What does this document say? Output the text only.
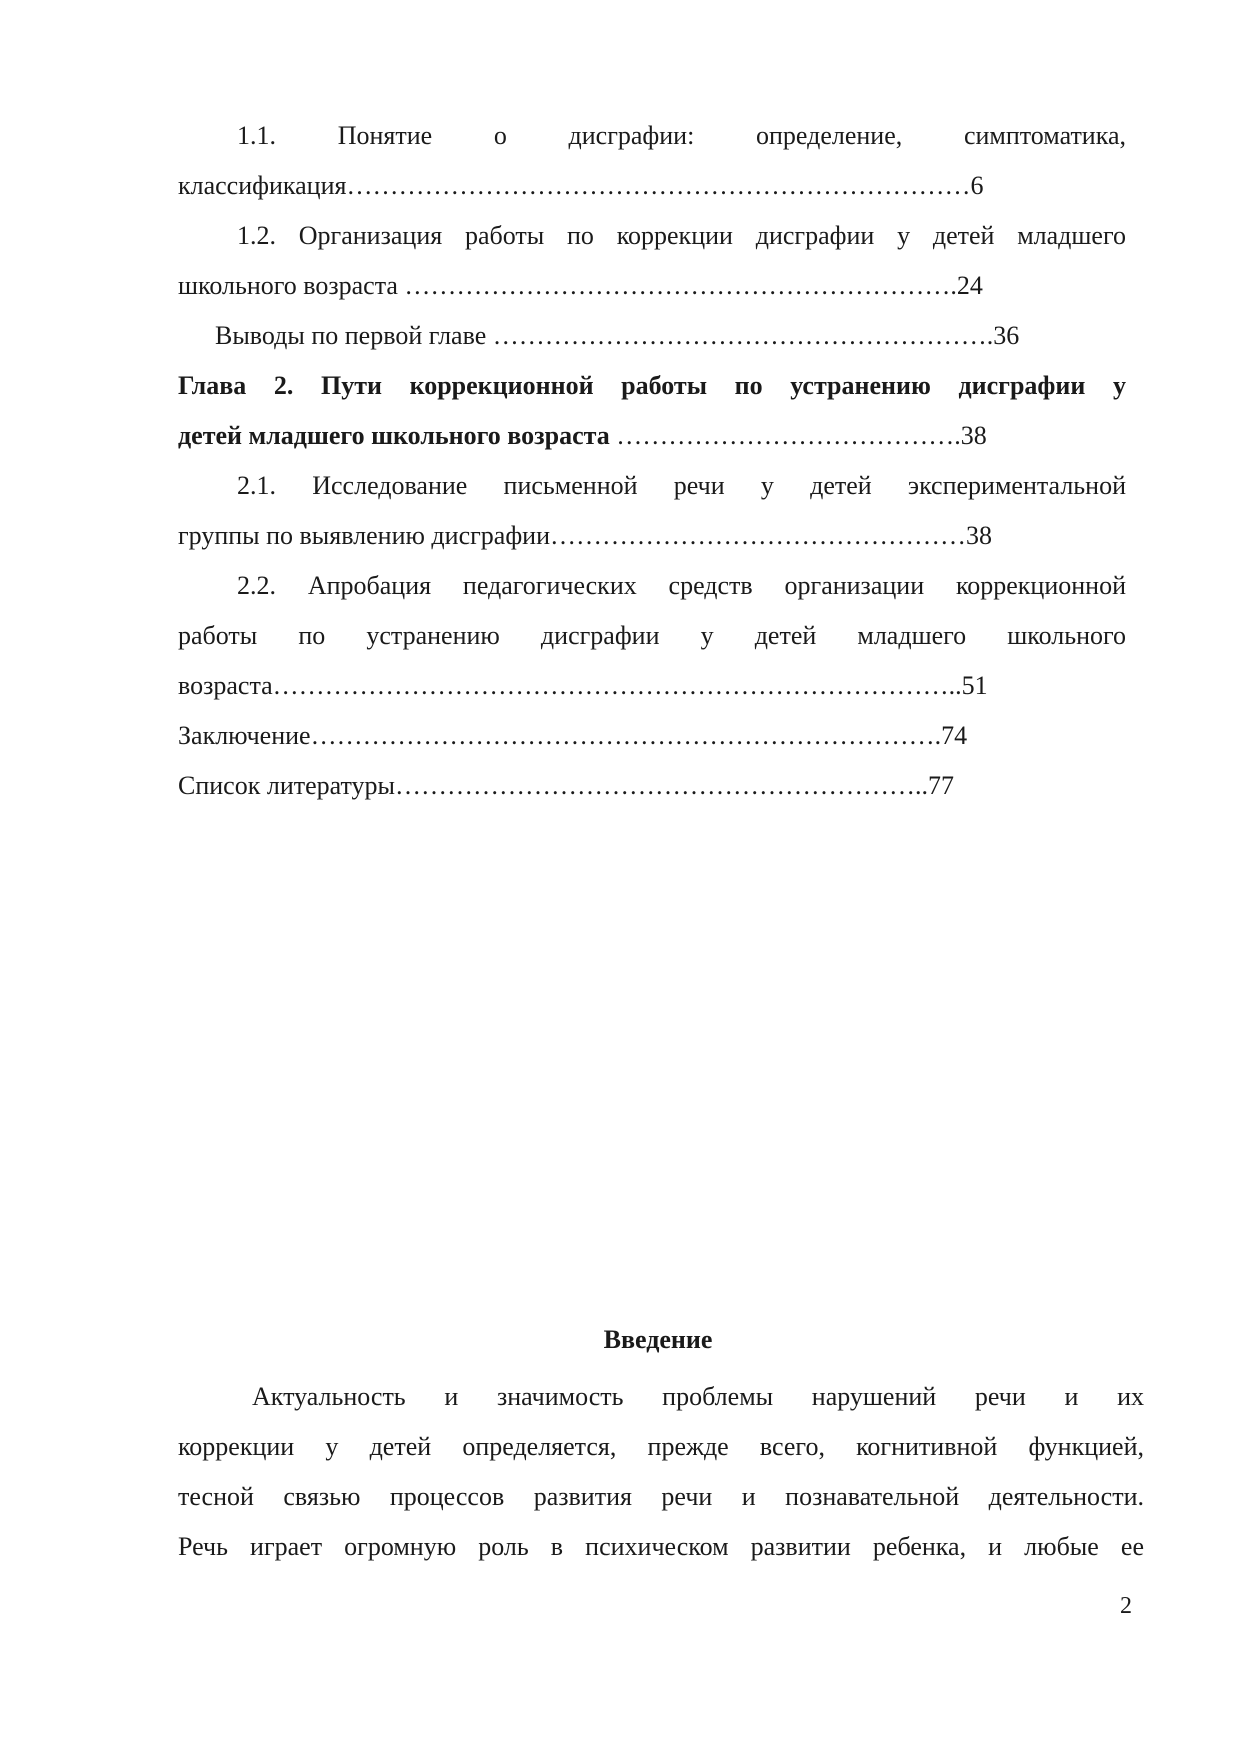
1.1. Понятие о дисграфии: определение, симптоматика,

классификация………………………………………………………………6

1.2. Организация работы по коррекции дисграфии у детей младшего

школьного возраста ……………………………………………………….24

Выводы по первой главе ………………………………………………….36

Глава 2. Пути коррекционной работы по устранению дисграфии у

детей младшего школьного возраста ………………………………….38

2.1. Исследование письменной речи у детей экспериментальной

группы по выявлению дисграфии…………………………………………38

2.2. Апробация педагогических средств организации коррекционной

работы по устранению дисграфии у детей младшего школьного

возраста……………………………………………………………………..51

Заключение……………………………………………………………….74

Список литературы……………………………………………………..77

Введение

Актуальность и значимость проблемы нарушений речи и их

коррекции у детей определяется, прежде всего, когнитивной функцией,

тесной связью процессов развития речи и познавательной деятельности.

Речь играет огромную роль в психическом развитии ребенка, и любые ее

2
